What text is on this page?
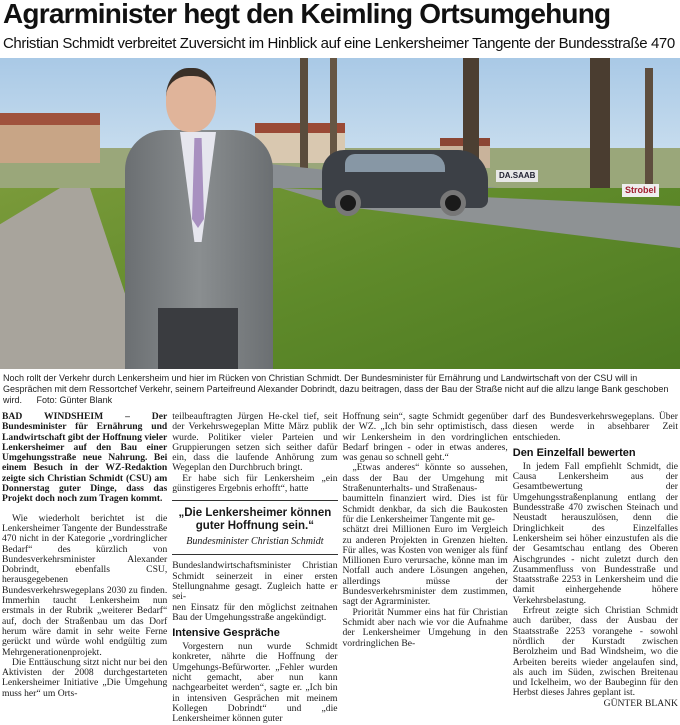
Agrarminister hegt den Keimling Ortsumgehung
Christian Schmidt verbreitet Zuversicht im Hinblick auf eine Lenkersheimer Tangente der Bundesstraße 470
DA.SAAB
Strobel
Noch rollt der Verkehr durch Lenkersheim und hier im Rücken von Christian Schmidt. Der Bundesminister für Ernährung und Landwirtschaft von der CSU will in Gesprächen mit dem Ressortchef Verkehr, seinem Parteifreund Alexander Dobrindt, dazu beitragen, dass der Bau der Straße nicht auf die allzu lange Bank geschoben wird. Foto: Günter Blank

BAD WINDSHEIM – Der Bundesminister für Ernährung und Landwirtschaft gibt der Hoffnung vieler Lenkersheimer auf den Bau einer Umgehungsstraße neue Nahrung. Bei einem Besuch in der WZ-Redaktion zeigte sich Christian Schmidt (CSU) am Donnerstag guter Dinge, dass das Projekt doch noch zum Tragen kommt.

Wie wiederholt berichtet ist die Lenkersheimer Tangente der Bundesstraße 470 nicht in der Kategorie „vordringlicher Bedarf“ des kürzlich von Bundesverkehrsminister Alexander Dobrindt, ebenfalls CSU, herausgegebenen Bundesverkehrswegeplans 2030 zu finden. Immerhin taucht Lenkersheim nun erstmals in der Rubrik „weiterer Bedarf“ auf, doch der Straßenbau um das Dorf herum wäre damit in sehr weite Ferne gerückt und würde wohl endgültig zum Mehrgenerationenprojekt.

Die Enttäuschung sitzt nicht nur bei den Aktivisten der 2008 durchgestarteten Lenkersheimer Initiative „Die Umgehung muss her“ um Orts-

teilbeauftragten Jürgen He-ckel tief, seit der Verkehrswegeplan Mitte März publik wurde. Politiker vieler Parteien und Gruppierungen setzen sich seither dafür ein, dass die laufende Anhörung zum Wegeplan den Durchbruch bringt.

Er habe sich für Lenkersheim „ein günstigeres Ergebnis erhofft“, hatte

„Die Lenkersheimer können guter Hoffnung sein.“
Bundesminister Christian Schmidt

Bundeslandwirtschaftsminister Christian Schmidt seinerzeit in einer ersten Stellungnahme gesagt. Zugleich hatte er sei-

nen Einsatz für den möglichst zeitnahen Bau der Umgehungsstraße angekündigt.

Intensive Gespräche

Vorgestern nun wurde Schmidt konkreter, nährte die Hoffnung der Umgehungs-Befürworter. „Fehler wurden nicht gemacht, aber nun kann nachgearbeitet werden“, sagte er. „Ich bin in intensiven Gesprächen mit meinem Kollegen Dobrindt“ und „die Lenkersheimer können guter

Hoffnung sein“, sagte Schmidt gegenüber der WZ. „Ich bin sehr optimistisch, dass wir Lenkersheim in den vordringlichen Bedarf bringen - oder in etwas anderes, was genau so schnell geht.“

„Etwas anderes“ könnte so aussehen, dass der Bau der Umgehung mit Straßenunterhalts- und Straßenaus-

baumitteln finanziert wird. Dies ist für Schmidt denkbar, da sich die Baukosten für die Lenkersheimer Tangente mit ge-

schätzt drei Millionen Euro im Vergleich zu anderen Projekten in Grenzen hielten. Für alles, was Kosten von weniger als fünf Millionen Euro verursache, könne man im Notfall auch andere Lösungen angehen, allerdings müsse der Bundesverkehrsminister dem zustimmen, sagt der Agrarminister.

Priorität Nummer eins hat für Christian Schmidt aber nach wie vor die Aufnahme der Lenkersheimer Umgehung in den vordringlichen Be-

darf des Bundesverkehrswegeplans. Über diesen werde in absehbarer Zeit entschieden.

Den Einzelfall bewerten

In jedem Fall empfiehlt Schmidt, die Causa Lenkersheim aus der Gesamtbewertung der Umgehungsstraßenplanung entlang der Bundesstraße 470 zwischen Steinach und Neustadt herauszulösen, denn die Dringlichkeit des Einzelfalles Lenkersheim sei höher einzustufen als die der Gesamtschau entlang des Oberen Aischgrundes - nicht zuletzt durch den Zusammenfluss von Bundesstraße und Staatsstraße 2253 in Lenkersheim und die damit einhergehende höhere Verkehrsbelastung.

Erfreut zeigte sich Christian Schmidt auch darüber, dass der Ausbau der Staatsstraße 2253 vorangehe - sowohl nördlich der Kurstadt zwischen Berolzheim und Bad Windsheim, wo die Arbeiten bereits wieder angelaufen sind, als auch im Süden, zwischen Breitenau und Ickelheim, wo der Baubeginn für den Herbst dieses Jahres geplant ist.

GÜNTER BLANK
